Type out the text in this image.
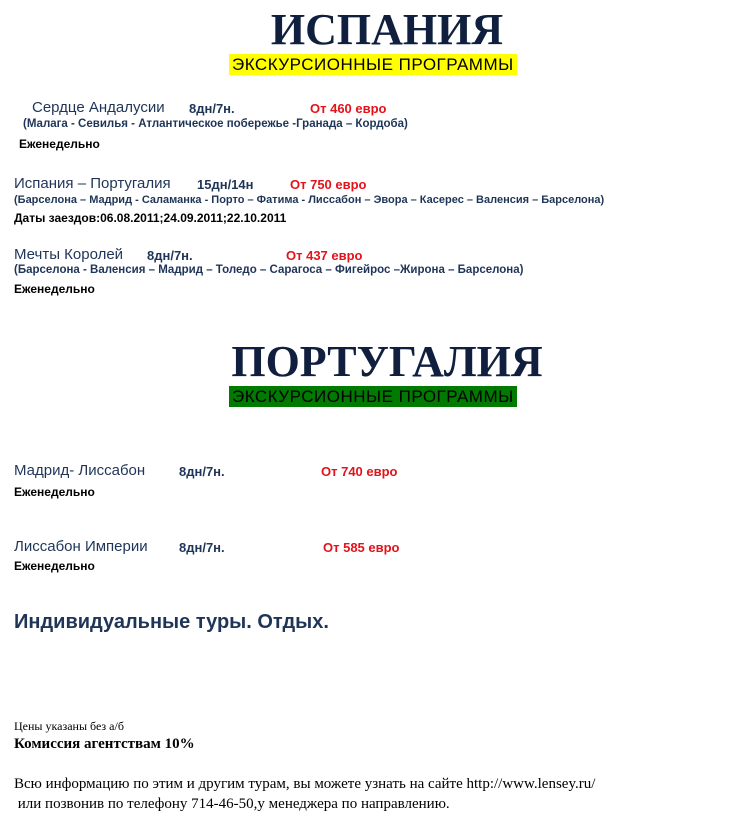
ИСПАНИЯ
ЭКСКУРСИОННЫЕ ПРОГРАММЫ
Сердце Андалусии 8дн/7н.	От 460 евро
(Малага - Севилья - Атлантическое побережье -Гранада – Кордоба)
Еженедельно
Испания – Португалия 15дн/14н	От 750 евро
(Барселона – Мадрид - Саламанка - Порто – Фатима - Лиссабон – Эвора – Касерес – Валенсия – Барселона)
Даты заездов:06.08.2011;24.09.2011;22.10.2011
Мечты Королей 8дн/7н.	От 437 евро
(Барселона - Валенсия – Мадрид – Толедо – Сарагоса – Фигейрос –Жирона – Барселона)
Еженедельно
ПОРТУГАЛИЯ
ЭКСКУРСИОННЫЕ ПРОГРАММЫ
Мадрид- Лиссабон	8дн/7н.	От 740 евро
Еженедельно
Лиссабон Империи 8дн/7н.	От 585 евро
Еженедельно
Индивидуальные туры. Отдых.
Цены указаны без а/б
Комиссия агентствам 10%
Всю информацию по этим и другим турам, вы можете узнать на сайте http://www.lensey.ru/
или позвонив по телефону 714-46-50,у менеджера по направлению.
